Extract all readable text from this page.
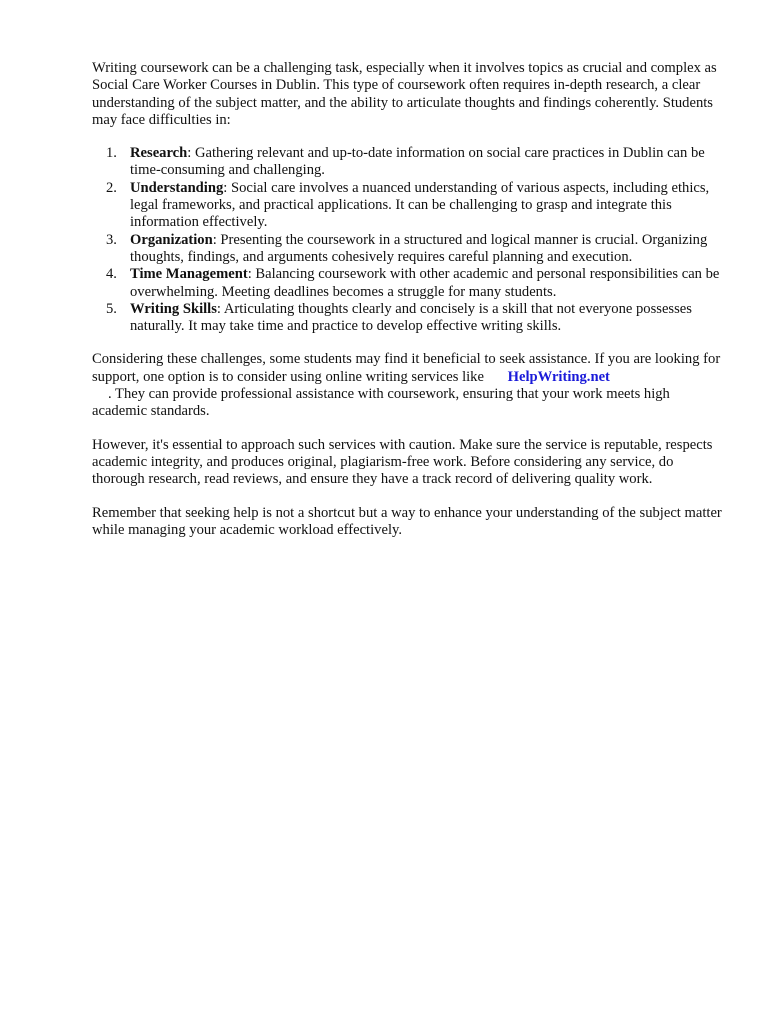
Writing coursework can be a challenging task, especially when it involves topics as crucial and complex as Social Care Worker Courses in Dublin. This type of coursework often requires in-depth research, a clear understanding of the subject matter, and the ability to articulate thoughts and findings coherently. Students may face difficulties in:

1. Research: Gathering relevant and up-to-date information on social care practices in Dublin can be time-consuming and challenging.
2. Understanding: Social care involves a nuanced understanding of various aspects, including ethics, legal frameworks, and practical applications. It can be challenging to grasp and integrate this information effectively.
3. Organization: Presenting the coursework in a structured and logical manner is crucial. Organizing thoughts, findings, and arguments cohesively requires careful planning and execution.
4. Time Management: Balancing coursework with other academic and personal responsibilities can be overwhelming. Meeting deadlines becomes a struggle for many students.
5. Writing Skills: Articulating thoughts clearly and concisely is a skill that not everyone possesses naturally. It may take time and practice to develop effective writing skills.

Considering these challenges, some students may find it beneficial to seek assistance. If you are looking for support, one option is to consider using online writing services like HelpWriting.net
. They can provide professional assistance with coursework, ensuring that your work meets high academic standards.

However, it's essential to approach such services with caution. Make sure the service is reputable, respects academic integrity, and produces original, plagiarism-free work. Before considering any service, do thorough research, read reviews, and ensure they have a track record of delivering quality work.

Remember that seeking help is not a shortcut but a way to enhance your understanding of the subject matter while managing your academic workload effectively.
